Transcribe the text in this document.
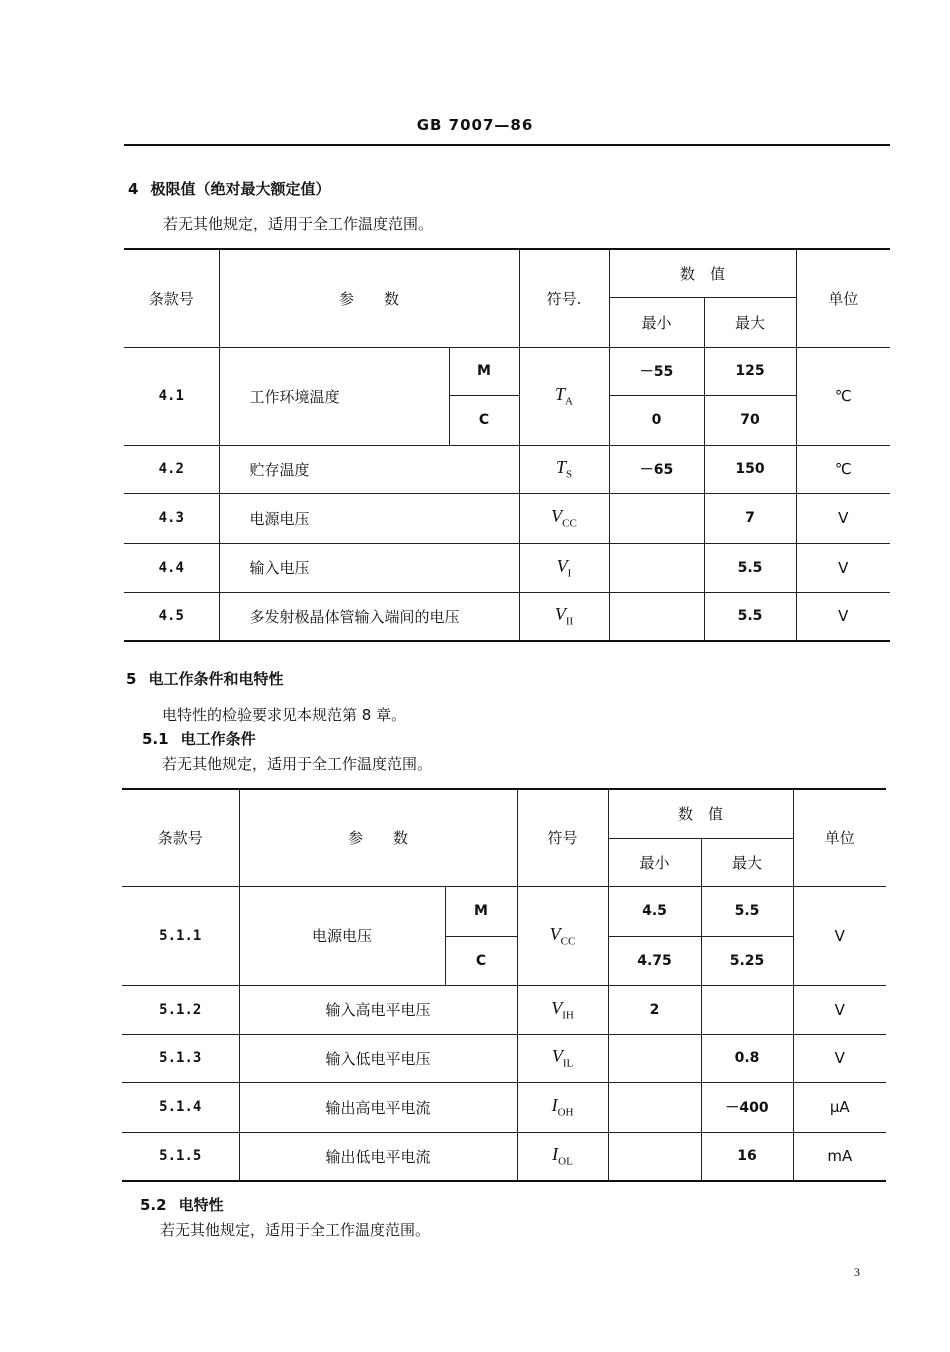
GB 7007—86
4 极限值（绝对最大额定值）
若无其他规定，适用于全工作温度范围。
条款号	参　　数		符号.	数　值		单位
				最小	最大	
4.1	工作环境温度	M	$T_A$	－55	125	℃
		C		0	70	
4.2	贮存温度		$T_S$	－65	150	℃
4.3	电源电压		$V_{CC}$		7	V
4.4	输入电压		$V_I$		5.5	V
4.5	多发射极晶体管输入端间的电压		$V_{II}$		5.5	V
5 电工作条件和电特性
电特性的检验要求见本规范第 8 章。
5.1 电工作条件
若无其他规定，适用于全工作温度范围。
条款号	参　　数		符号	数　值		单位
				最小	最大	
5.1.1	电源电压	M	$V_{CC}$	4.5	5.5	V
		C		4.75	5.25	
5.1.2	输入高电平电压		$V_{IH}$	2		V
5.1.3	输入低电平电压		$V_{IL}$		0.8	V
5.1.4	输出高电平电流		$I_{OH}$		－400	μA
5.1.5	输出低电平电流		$I_{OL}$		16	mA
5.2 电特性
若无其他规定，适用于全工作温度范围。
3
